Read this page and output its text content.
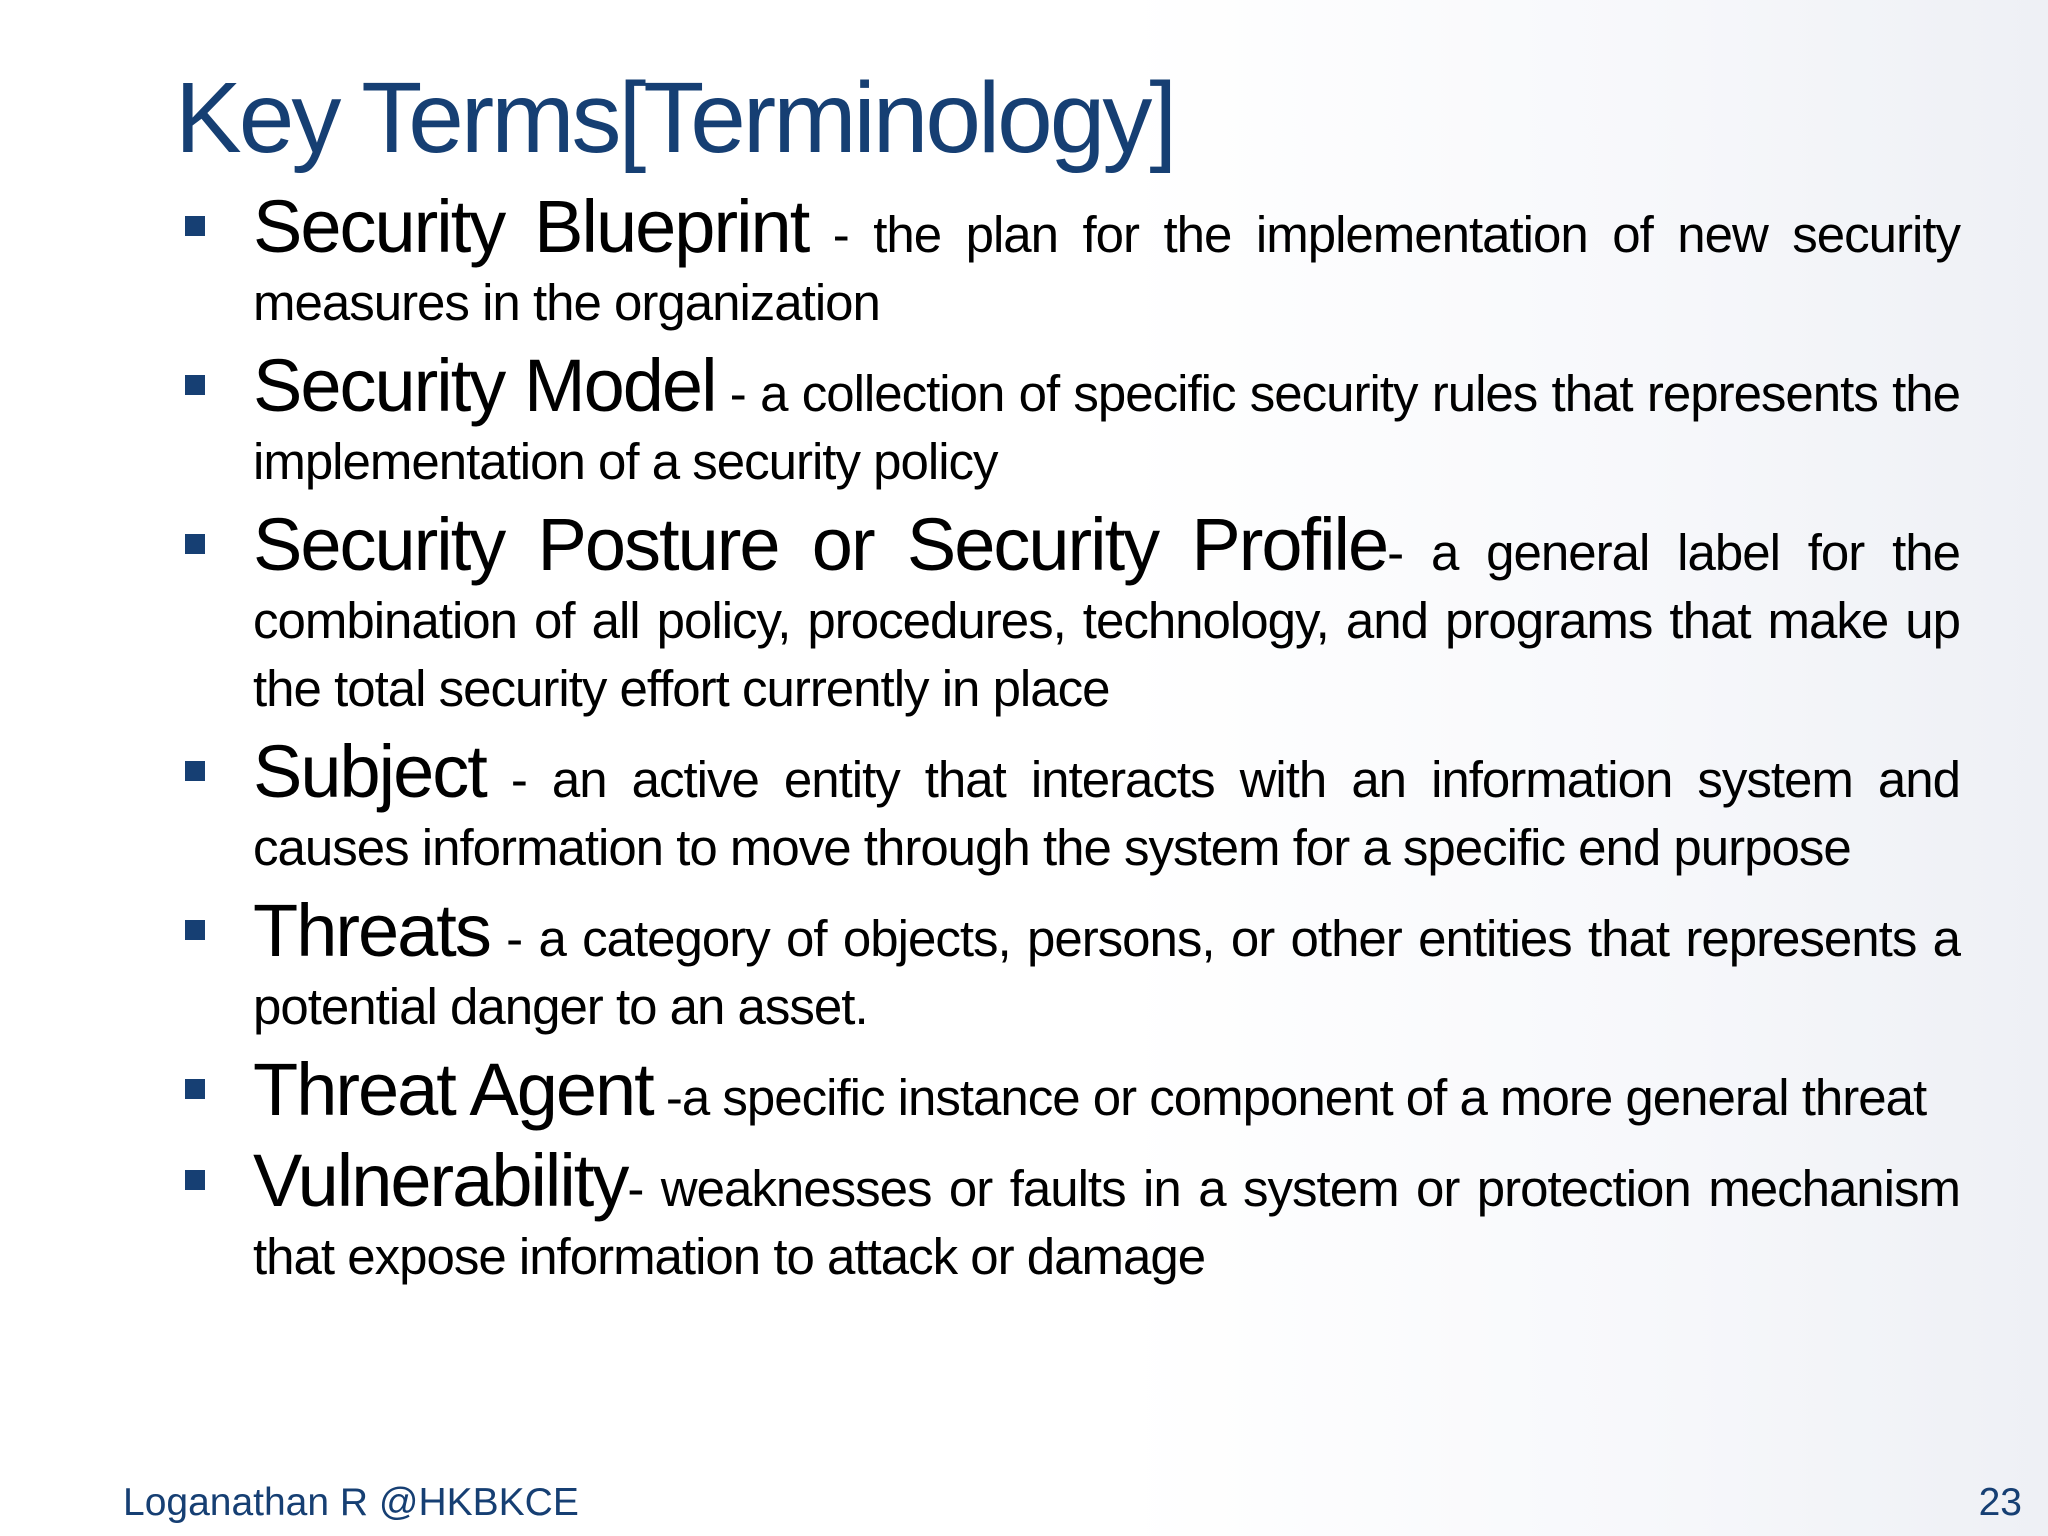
Key Terms[Terminology]
Security Blueprint - the plan for the implementation of new security measures in the organization
Security Model - a collection of specific security rules that represents the implementation of a security policy
Security Posture or Security Profile- a general label for the combination of all policy, procedures, technology, and programs that make up the total security effort currently in place
Subject - an active entity that interacts with an information system and causes information to move through the system for a specific end purpose
Threats - a category of objects, persons, or other entities that represents a potential danger to an asset.
Threat Agent -a specific instance or component of a more general threat
Vulnerability- weaknesses or faults in a system or protection mechanism that expose information to attack or damage
Loganathan R @HKBKCE	23
